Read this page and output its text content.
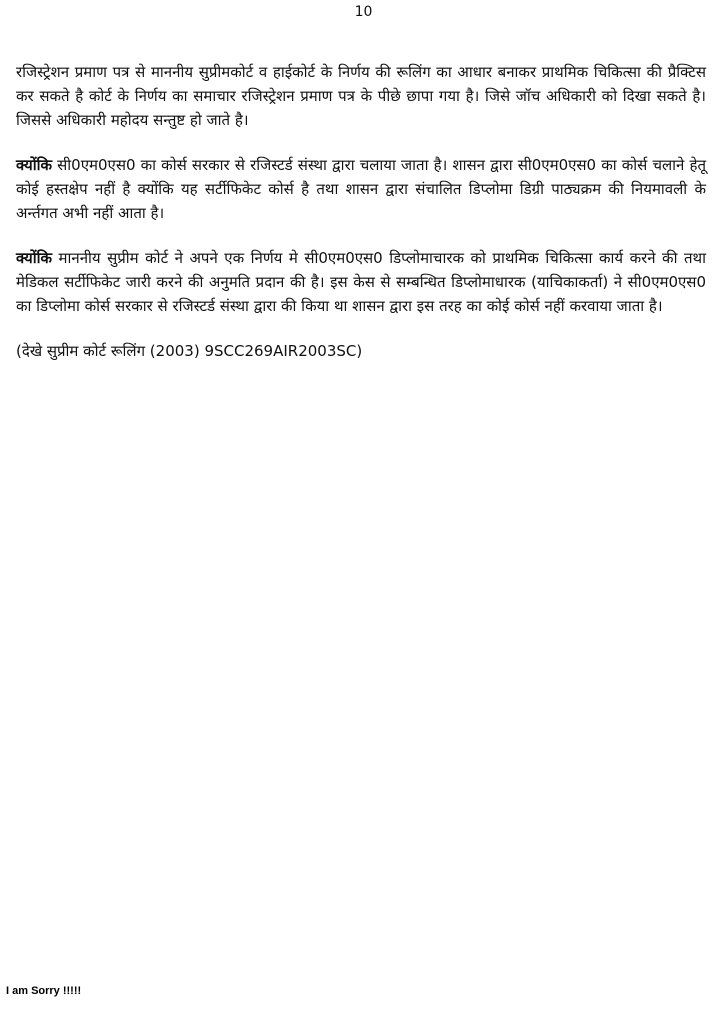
10

रजिस्ट्रेशन प्रमाण पत्र से माननीय सुप्रीमकोर्ट व हाईकोर्ट के निर्णय की रूलिंग का आधार बनाकर प्राथमिक चिकित्सा की प्रैक्टिस कर सकते है कोर्ट के निर्णय का समाचार रजिस्ट्रेशन प्रमाण पत्र के पीछे छापा गया है। जिसे जॉच अधिकारी को दिखा सकते है। जिससे अधिकारी महोदय सन्तुष्ट हो जाते है।

क्योंकि सी0एम0एस0 का कोर्स सरकार से रजिस्टर्ड संस्था द्वारा चलाया जाता है। शासन द्वारा सी0एम0एस0 का कोर्स चलाने हेतू कोई हस्तक्षेप नहीं है क्योंकि यह सर्टीफिकेट कोर्स है तथा शासन द्वारा संचालित डिप्लोमा डिग्री पाठ्यक्रम की नियमावली के अर्न्तगत अभी नहीं आता है।

क्योंकि माननीय सुप्रीम कोर्ट ने अपने एक निर्णय मे सी0एम0एस0 डिप्लोमाचारक को प्राथमिक चिकित्सा कार्य करने की तथा मेडिकल सर्टीफिकेट जारी करने की अनुमति प्रदान की है। इस केस से सम्बन्धित डिप्लोमाधारक (याचिकाकर्ता) ने सी0एम0एस0 का डिप्लोमा कोर्स सरकार से रजिस्टर्ड संस्था द्वारा की किया था शासन द्वारा इस तरह का कोई कोर्स नहीं करवाया जाता है।

(देखे सुप्रीम कोर्ट रूलिंग (2003) 9SCC269AIR2003SC)

I am Sorry !!!!!
